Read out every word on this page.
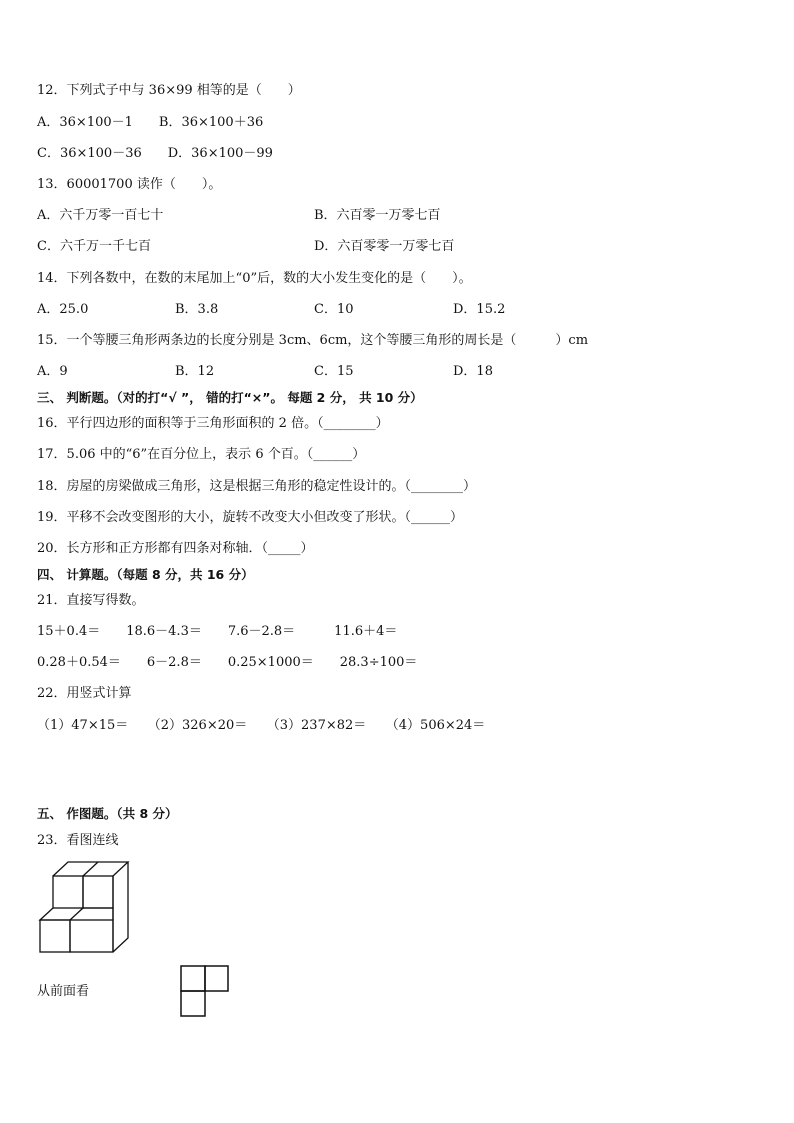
12．下列式子中与 36×99 相等的是（　　）
A．36×100－1　　B．36×100＋36
C．36×100－36　　D．36×100－99
13．60001700 读作（　　）。
A．六千万零一百七十	B．六百零一万零七百
C．六千万一千七百	D．六百零零一万零七百
14．下列各数中，在数的末尾加上“0”后，数的大小发生变化的是（　　）。
A．25.0	B．3.8	C．10	D．15.2
15．一个等腰三角形两条边的长度分别是 3cm、6cm，这个等腰三角形的周长是（　　　）cm
A．9	B．12	C．15	D．18
三、 判断题。（对的打“√ ”， 错的打“×”。 每题 2 分， 共 10 分）
16．平行四边形的面积等于三角形面积的 2 倍。（________）
17．5.06 中的“6”在百分位上，表示 6 个百。（______）
18．房屋的房梁做成三角形，这是根据三角形的稳定性设计的。（________）
19．平移不会改变图形的大小，旋转不改变大小但改变了形状。（______）
20．长方形和正方形都有四条对称轴．（_____）
四、 计算题。（每题 8 分，共 16 分）
21．直接写得数。
15＋0.4＝　　18.6－4.3＝　　7.6－2.8＝　　　11.6＋4＝
0.28＋0.54＝　　6－2.8＝　　0.25×1000＝　　28.3÷100＝
22．用竖式计算
（1）47×15＝　　（2）326×20＝　　（3）237×82＝　　（4）506×24＝
五、 作图题。（共 8 分）
23．看图连线
从前面看
